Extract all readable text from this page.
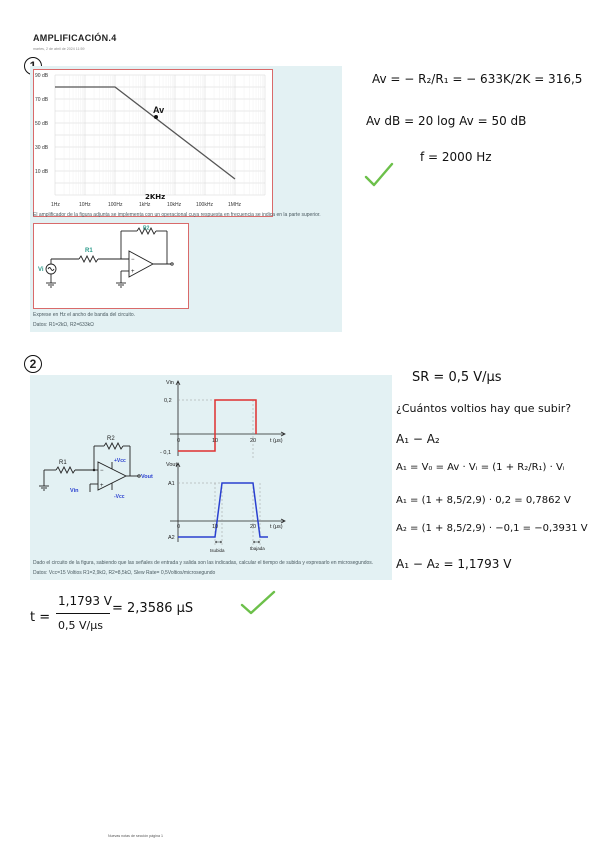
AMPLIFICACIÓN.4
martes, 2 de abril de 2024 11:59
90 dB
70 dB
50 dB
30 dB
10 dB
1Hz	10Hz	100Hz	1kHz	10kHz	100kHz	1MHz
Av
2KHz
El amplificador de la figura adjunta se implementa con un operacional cuya respuesta en frecuencia se indica en la parte superior.
−
+
R1
R2
Vi
Exprese en Hz el ancho de banda del circuito.
Datos: R1=2kΩ, R2=633kΩ
Av = − R₂/R₁ = − 633K/2K = 316,5
Av dB = 20 log Av = 50 dB
f = 2000 Hz
2
−
+
R1
R2
Vin
Vout
+Vcc
-Vcc
Vin
0,2
- 0,1
0	10	20	t (μs)
Vout
A1
A2
0	10	20	t (μs)
tsubida	tbajada
Dado el circuito de la figura, sabiendo que las señales de entrada y salida son las indicadas, calcular el tiempo de subida y expresarlo en microsegundos.
Datos: Vcc=15 Voltios R1=2,9kΩ, R2=8,5kΩ, Slew Rate= 0,5Voltios/microsegundo
SR = 0,5 V/μs
¿Cuántos voltios hay que subir?
A₁ − A₂
A₁ = V₀ = Av · Vᵢ = (1 + R₂/R₁) · Vᵢ
A₁ = (1 + 8,5/2,9) · 0,2 = 0,7862 V
A₂ = (1 + 8,5/2,9) · −0,1 = −0,3931 V
A₁ − A₂ = 1,1793 V
t =
1,1793 V
0,5 V/μs
= 2,3586 μS
Nuevas notas de sección página 1
